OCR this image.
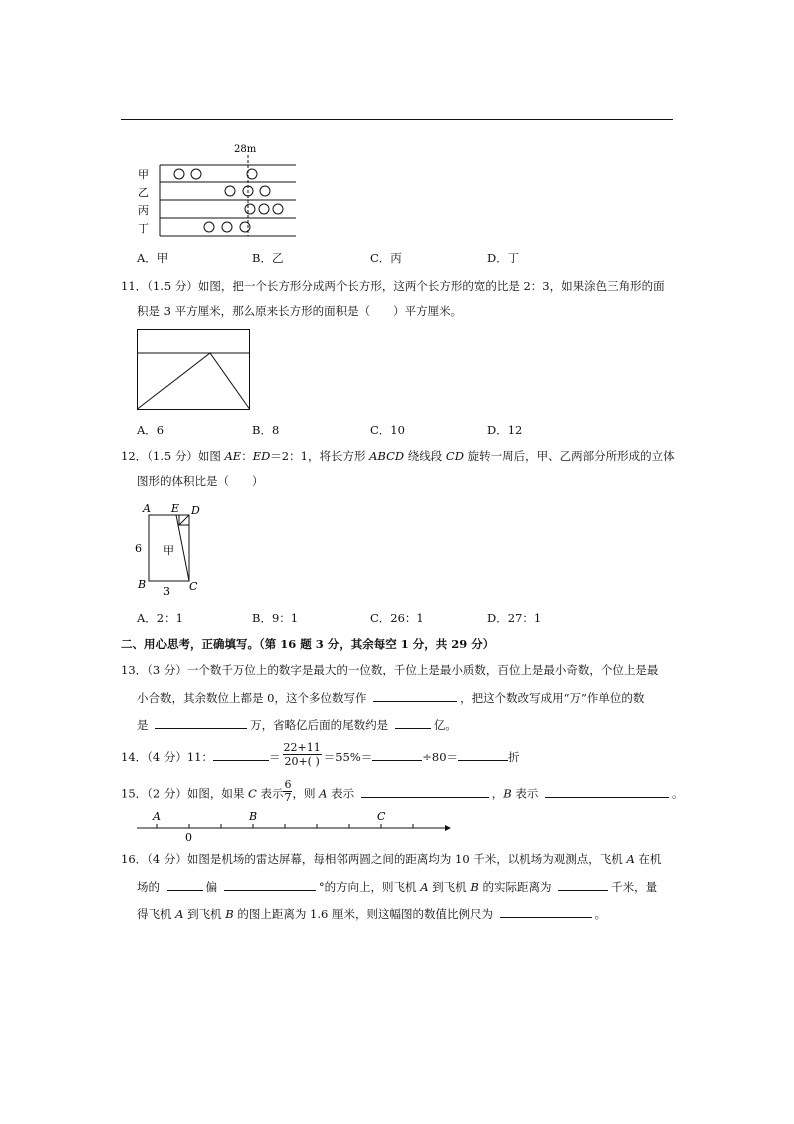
28m
甲
乙
丙
丁
A．甲	B．乙	C．丙	D．丁
11．（1.5 分）如图，把一个长方形分成两个长方形，这两个长方形的宽的比是 2：3，如果涂色三角形的面
积是 3 平方厘米，那么原来长方形的面积是（　　）平方厘米。
A．6	B．8	C．10	D．12
12．（1.5 分）如图 AE：ED＝2：1，将长方形 ABCD 绕线段 CD 旋转一周后，甲、乙两部分所形成的立体
图形的体积比是（　　）
A E D
B	C
6
3
甲
A．2：1	B．9：1	C．26：1	D．27：1
二、用心思考，正确填写。（第 16 题 3 分，其余每空 1 分，共 29 分）
13．（3 分）一个数千万位上的数字是最大的一位数，千位上是最小质数，百位上是最小奇数，个位上是最
小合数，其余数位上都是 0，这个多位数写作	，把这个数改写成用“万”作单位的数
是	万，省略亿后面的尾数约是	亿。
14．（4 分）11：	＝ $\frac{22+11}{20+( )} =55\%=$	÷80＝	折
15．（2 分）如图，如果 C 表示 $\frac{6}{7}$ ，则 A 表示	，B 表示	。
A	B	C
0
16．（4 分）如图是机场的雷达屏幕，每相邻两圆之间的距离均为 10 千米，以机场为观测点，飞机 A 在机
场的	偏	°的方向上，则飞机 A 到飞机 B 的实际距离为	千米，量
得飞机 A 到飞机 B 的图上距离为 1.6 厘米，则这幅图的数值比例尺为	。
